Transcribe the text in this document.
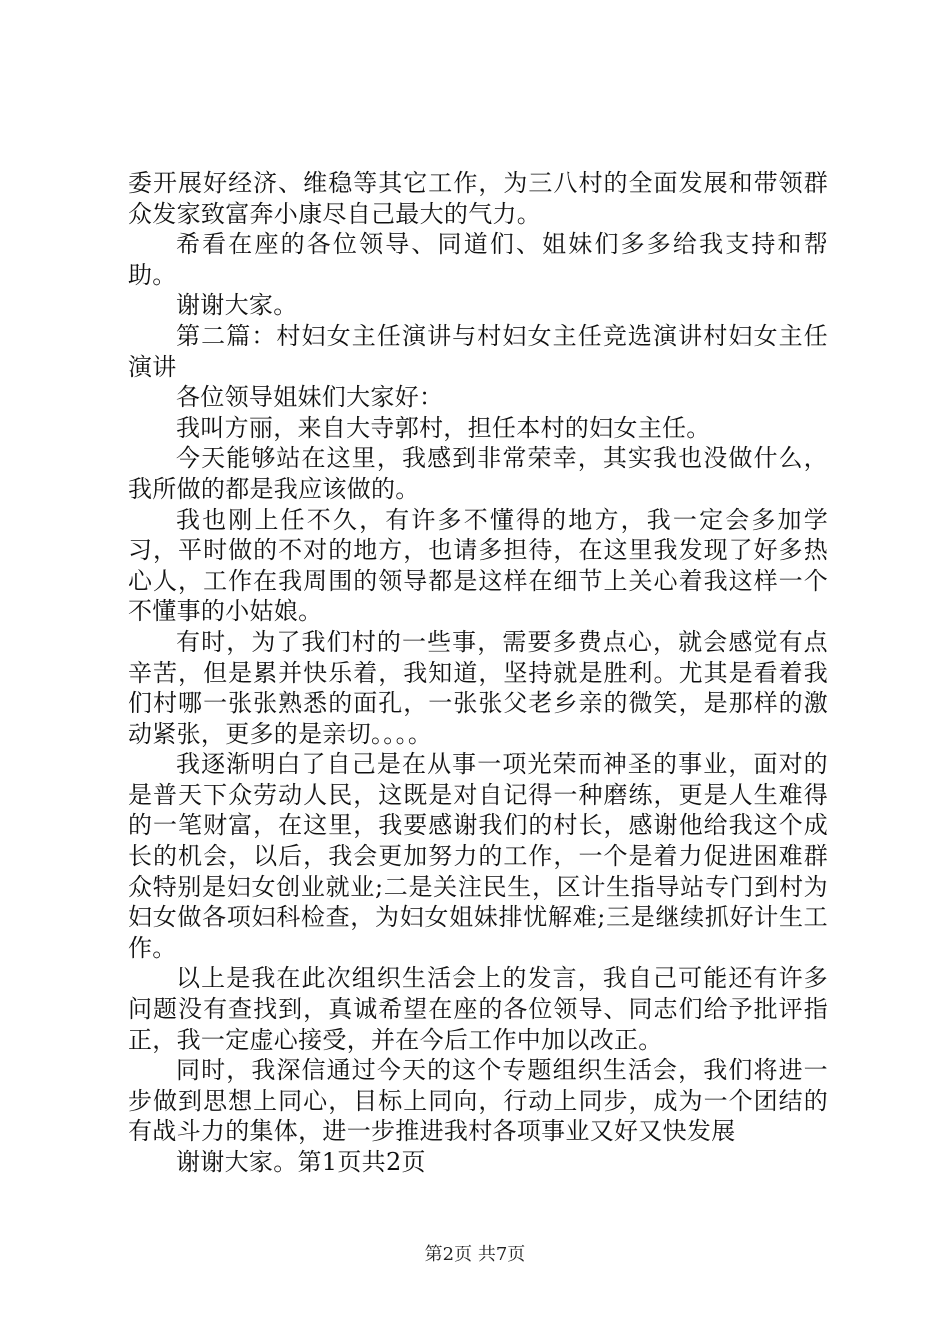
委开展好经济、维稳等其它工作，为三八村的全面发展和带领群众发家致富奔小康尽自己最大的气力。

希看在座的各位领导、同道们、姐妹们多多给我支持和帮助。

谢谢大家。

第二篇：村妇女主任演讲与村妇女主任竞选演讲村妇女主任演讲

各位领导姐妹们大家好：

我叫方丽，来自大寺郭村，担任本村的妇女主任。

今天能够站在这里，我感到非常荣幸，其实我也没做什么，我所做的都是我应该做的。

我也刚上任不久，有许多不懂得的地方，我一定会多加学习，平时做的不对的地方，也请多担待，在这里我发现了好多热心人，工作在我周围的领导都是这样在细节上关心着我这样一个不懂事的小姑娘。

有时，为了我们村的一些事，需要多费点心，就会感觉有点辛苦，但是累并快乐着，我知道，坚持就是胜利。尤其是看着我们村哪一张张熟悉的面孔，一张张父老乡亲的微笑，是那样的激动紧张，更多的是亲切。。。。

我逐渐明白了自己是在从事一项光荣而神圣的事业，面对的是普天下众劳动人民，这既是对自记得一种磨练，更是人生难得的一笔财富，在这里，我要感谢我们的村长，感谢他给我这个成长的机会，以后，我会更加努力的工作，一个是着力促进困难群众特别是妇女创业就业;二是关注民生，区计生指导站专门到村为妇女做各项妇科检查，为妇女姐妹排忧解难;三是继续抓好计生工作。

以上是我在此次组织生活会上的发言，我自己可能还有许多问题没有查找到，真诚希望在座的各位领导、同志们给予批评指正，我一定虚心接受，并在今后工作中加以改正。

同时，我深信通过今天的这个专题组织生活会，我们将进一步做到思想上同心，目标上同向，行动上同步，成为一个团结的有战斗力的集体，进一步推进我村各项事业又好又快发展

谢谢大家。第1页共2页

第2页 共7页
